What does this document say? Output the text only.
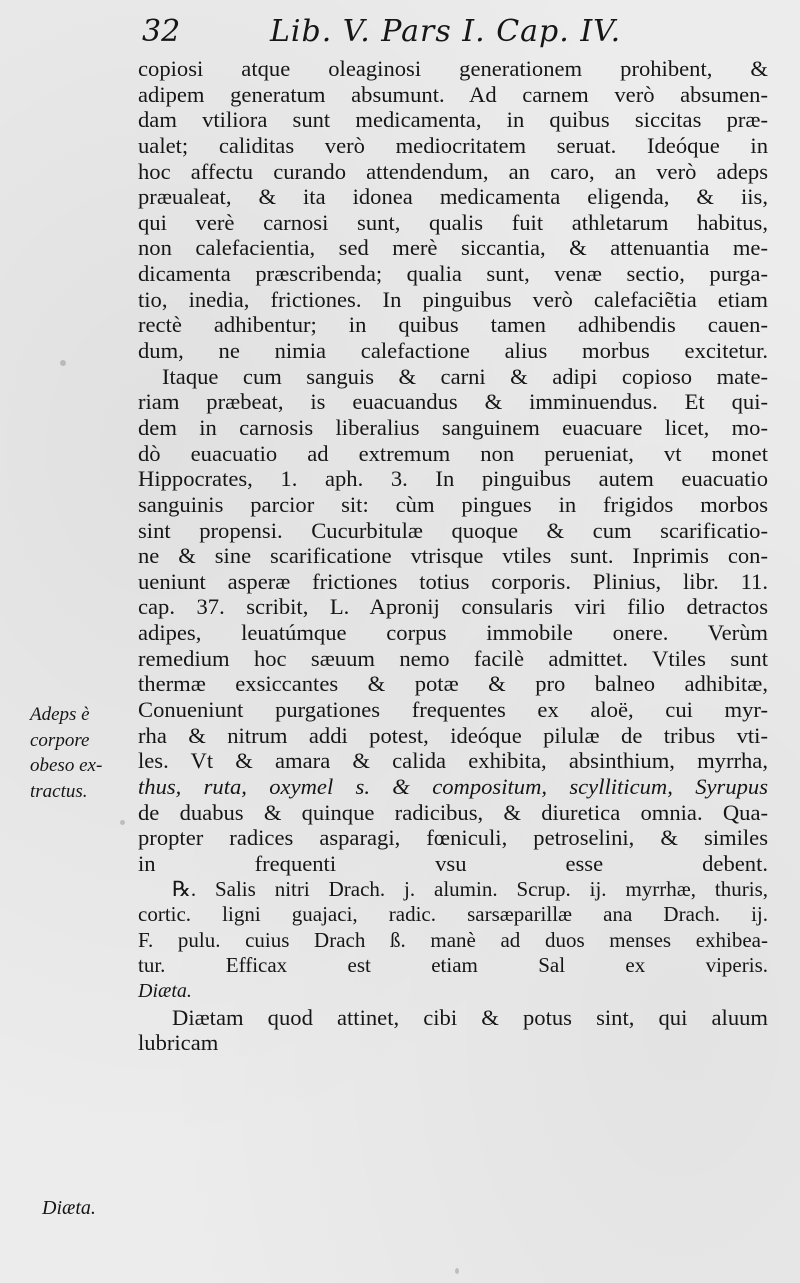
32	Lib. V. Pars I. Cap. IV.
copiosi atque oleaginosi generationem prohibent, &
adipem generatum absumunt. Ad carnem verò absumen-
dam vtiliora sunt medicamenta, in quibus siccitas præ-
ualet; caliditas verò mediocritatem seruat. Ideóque in
hoc affectu curando attendendum, an caro, an verò adeps
præualeat, & ita idonea medicamenta eligenda, & iis,
qui verè carnosi sunt, qualis fuit athletarum habitus,
non calefacientia, sed merè siccantia, & attenuantia me-
dicamenta præscribenda; qualia sunt, venæ sectio, purga-
tio, inedia, frictiones. In pinguibus verò calefaciẽtia etiam
rectè adhibentur; in quibus tamen adhibendis cauen-
dum, ne nimia calefactione alius morbus excitetur.
Itaque cum sanguis & carni & adipi copioso mate-
riam præbeat, is euacuandus & imminuendus. Et qui-
dem in carnosis liberalius sanguinem euacuare licet, mo-
dò euacuatio ad extremum non perueniat, vt monet
Hippocrates, 1. aph. 3. In pinguibus autem euacuatio
sanguinis parcior sit: cùm pingues in frigidos morbos
sint propensi. Cucurbitulæ quoque & cum scarificatio-
ne & sine scarificatione vtrisque vtiles sunt. Inprimis con-
ueniunt asperæ frictiones totius corporis. Plinius, libr. 11.
cap. 37. scribit, L. Apronij consularis viri filio detractos
adipes, leuatúmque corpus immobile onere. Verùm
remedium hoc sæuum nemo facilè admittet. Vtiles sunt
thermæ exsiccantes & potæ & pro balneo adhibitæ,
Conueniunt purgationes frequentes ex aloë, cui myr-
rha & nitrum addi potest, ideóque pilulæ de tribus vti-
les. Vt & amara & calida exhibita, absinthium, myrrha,
thus, ruta, oxymel s. & compositum, scylliticum, Syrupus
de duabus & quinque radicibus, & diuretica omnia. Qua-
propter radices asparagi, fœniculi, petroselini, & similes
in frequenti vsu esse debent.
℞. Salis nitri Drach. j. alumin. Scrup. ij. myrrhæ, thuris,
cortic. ligni guajaci, radic. sarsæparillæ ana Drach. ij.
F. pulu. cuius Drach ß. manè ad duos menses exhibea-
tur. Efficax est etiam Sal ex viperis.
Diæta.
Diætam quod attinet, cibi & potus sint, qui aluum
lubricam
Adeps è
corpore
obeso ex-
tractus.
Diæta.
